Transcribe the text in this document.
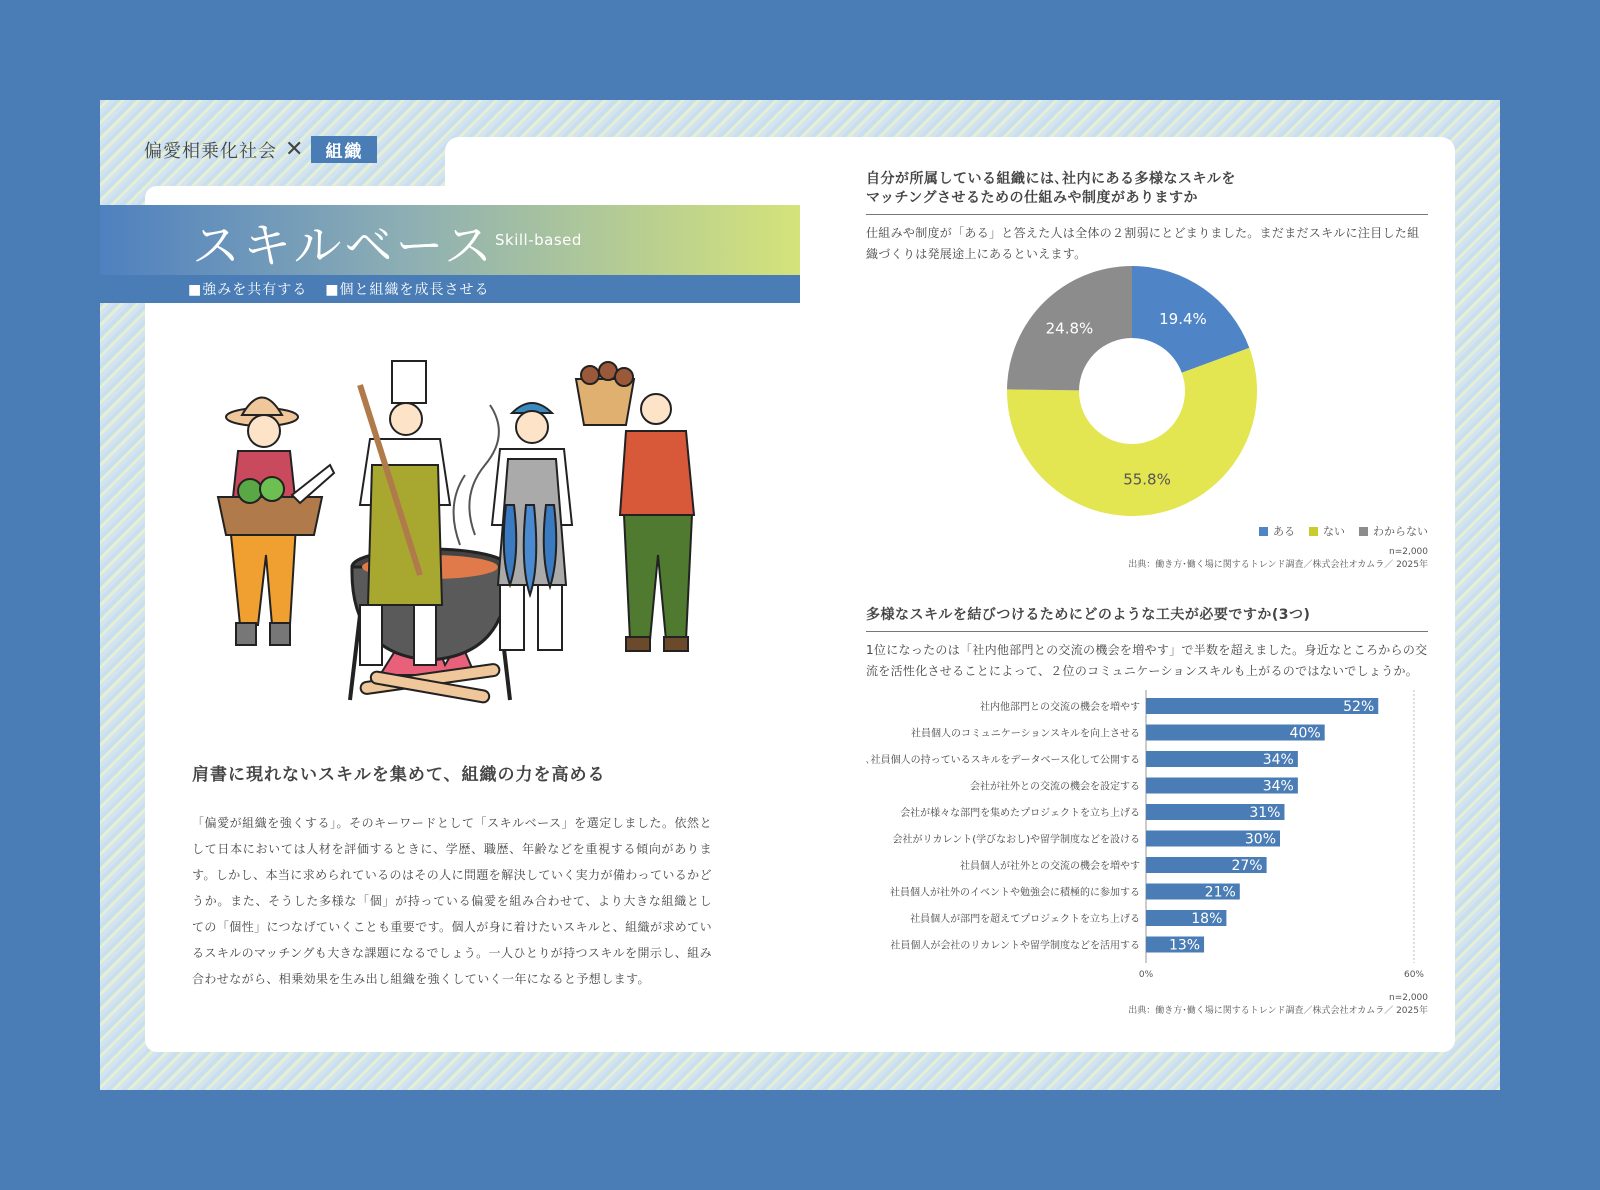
偏愛相乗化社会 ✕	組織
スキルベース Skill-based
■強みを共有する ■個と組織を成長させる
肩書に現れないスキルを集めて、組織の力を高める
「偏愛が組織を強くする」。そのキーワードとして「スキルベース」を選定しました。依然として日本においては人材を評価するときに、学歴、職歴、年齢などを重視する傾向があります。しかし、本当に求められているのはその人に問題を解決していく実力が備わっているかどうか。また、そうした多様な「個」が持っている偏愛を組み合わせて、より大きな組織としての「個性」につなげていくことも重要です。個人が身に着けたいスキルと、組織が求めているスキルのマッチングも大きな課題になるでしょう。一人ひとりが持つスキルを開示し、組み合わせながら、相乗効果を生み出し組織を強くしていく一年になると予想します。
自分が所属している組織には､社内にある多様なスキルを
マッチングさせるための仕組みや制度がありますか
仕組みや制度が「ある」と答えた人は全体の２割弱にとどまりました。まだまだスキルに注目した組織づくりは発展途上にあるといえます。
19.4%
55.8%
24.8%
ある	ない	わからない
n=2,000
出典：働き方･働く場に関するトレンド調査／株式会社オカムラ／ 2025年
多様なスキルを結びつけるためにどのような工夫が必要ですか(3つ)
1位になったのは「社内他部門との交流の機会を増やす」で半数を超えました。身近なところからの交流を活性化させることによって、２位のコミュニケーションスキルも上がるのではないでしょうか。
社内他部門との交流の機会を増やす	52%
社員個人のコミュニケーションスキルを向上させる	40%
会社が､社員個人の持っているスキルをデータベース化して公開する	34%
会社が社外との交流の機会を設定する	34%
会社が様々な部門を集めたプロジェクトを立ち上げる	31%
会社がリカレント(学びなおし)や留学制度などを設ける	30%
社員個人が社外との交流の機会を増やす	27%
社員個人が社外のイベントや勉強会に積極的に参加する	21%
社員個人が部門を超えてプロジェクトを立ち上げる	18%
社員個人が会社のリカレントや留学制度などを活用する 13%
0%	60%
n=2,000
出典：働き方･働く場に関するトレンド調査／株式会社オカムラ／ 2025年
